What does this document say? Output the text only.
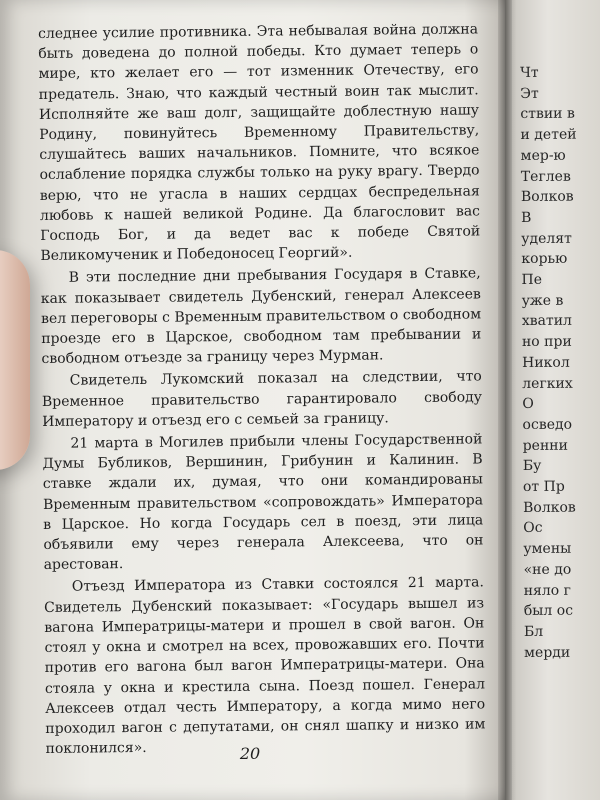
следнее усилие противника. Эта небывалая война должна быть доведена до полной победы. Кто думает теперь о мире, кто желает его — тот изменник Отечеству, его предатель. Знаю, что каждый честный воин так мыслит. Исполняйте же ваш долг, защищайте доблестную нашу Родину, повинуйтесь Временному Правительству, слушайтесь ваших начальников. Помните, что всякое ослабление порядка службы только на руку врагу. Твердо верю, что не угасла в наших сердцах беспредельная любовь к нашей великой Родине. Да благословит вас Господь Бог, и да ведет вас к победе Святой Великомученик и Победоносец Георгий».

В эти последние дни пребывания Государя в Ставке, как показывает свидетель Дубенский, генерал Алексеев вел переговоры с Временным правительством о свободном проезде его в Царское, свободном там пребывании и свободном отъезде за границу через Мурман.

Свидетель Лукомский показал на следствии, что Временное правительство гарантировало свободу Императору и отъезд его с семьей за границу.

21 марта в Могилев прибыли члены Государственной Думы Бубликов, Вершинин, Грибунин и Калинин. В ставке ждали их, думая, что они командированы Временным правительством «сопровождать» Императора в Царское. Но когда Государь сел в поезд, эти лица объявили ему через генерала Алексеева, что он арестован.

Отъезд Императора из Ставки состоялся 21 марта. Свидетель Дубенский показывает: «Государь вышел из вагона Императрицы-матери и прошел в свой вагон. Он стоял у окна и смотрел на всех, провожавших его. Почти против его вагона был вагон Императрицы-матери. Она стояла у окна и крестила сына. Поезд пошел. Генерал Алексеев отдал честь Императору, а когда мимо него проходил вагон с депутатами, он снял шапку и низко им поклонился».	20
Чт
Эт
ствии в
и детей
мер-ю
Теглев
Волков
В
уделят
корью
Пе
уже в
хватил
но при
Никол
легких
О
осведо
ренни
Бу
от Пр
Волков
Ос
умены
«не до
няло г
был ос
Бл
мерди
